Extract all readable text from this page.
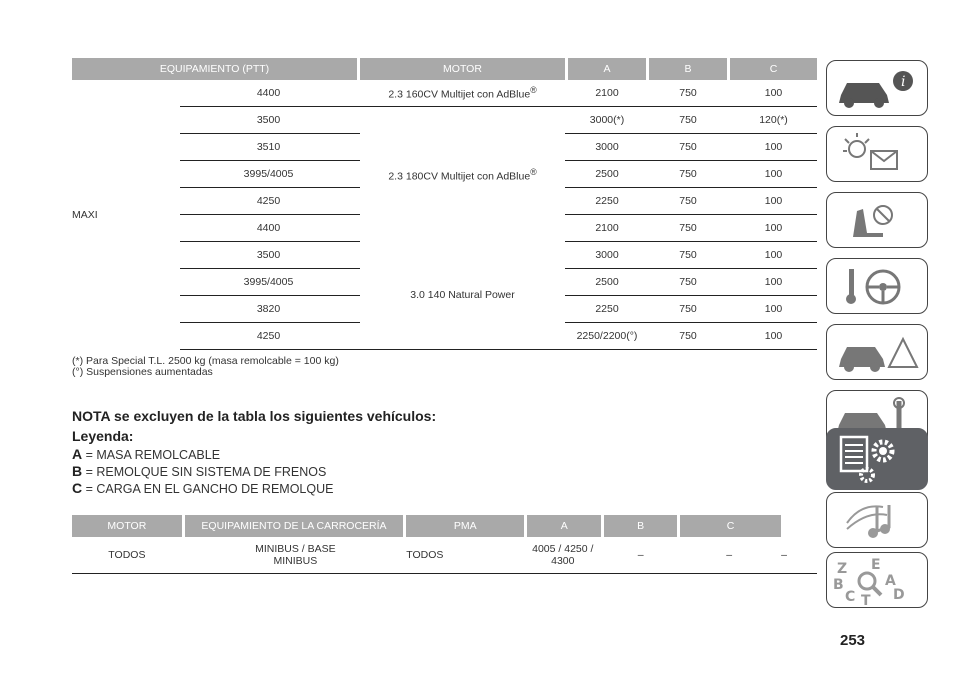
EQUIPAMIENTO (PTT)			MOTOR		A		B		C
MAXI	4400		2.3 160CV Multijet con AdBlue®		2100		750		100
	3500		2.3 180CV Multijet con AdBlue®		3000(*)		750		120(*)
	3510				3000		750		100
	3995/4005				2500		750		100
	4250				2250		750		100
	4400				2100		750		100
	3500		3.0 140 Natural Power		3000		750		100
	3995/4005				2500		750		100
	3820				2250		750		100
	4250				2250/2200(°)		750		100
(*) Para Special T.L. 2500 kg (masa remolcable = 100 kg)
(°) Suspensiones aumentadas
NOTA se excluyen de la tabla los siguientes vehículos:
Leyenda:
A = MASA REMOLCABLE
B = REMOLQUE SIN SISTEMA DE FRENOS
C = CARGA EN EL GANCHO DE REMOLQUE
MOTOR		EQUIPAMIENTO DE LA CARROCERÍA		PMA		A		B		C	
TODOS		MINIBUS / BASE MINIBUS		TODOS	4005 / 4250 / 4300			–	–		–
i
Z E
B	A
C T D
253
